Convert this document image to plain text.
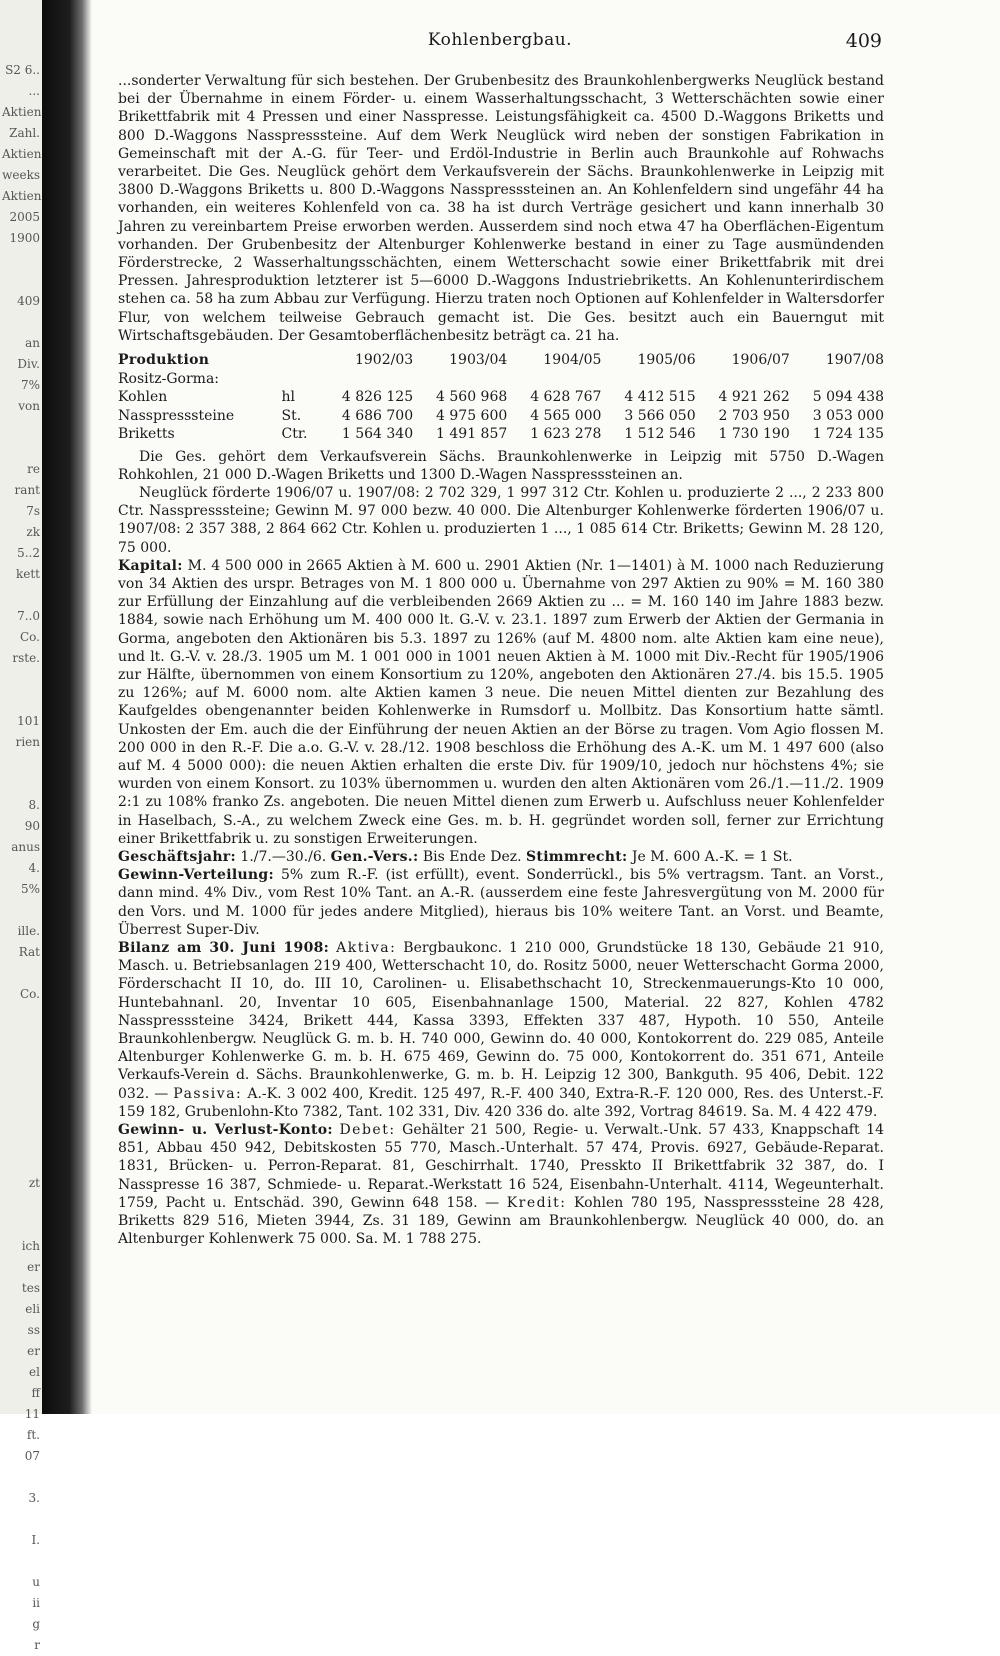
S2 6..
...
Aktien
Zahl.
Aktien
weeks
Aktien
2005
1900
409
an
Div.
7%
von
re
rant
7s
zk
5..2
kett
7..0
Co.
rste.
101
rien
8.
90
anus
4.
5%
ille.
Rat
Co.
zt
ich
er
tes
eli
ss
er
el
ff
11
ft.
07
3.
I.
u
ii
g
r
Kohlenbergbau.	409

...sonderter Verwaltung für sich bestehen. Der Grubenbesitz des Braunkohlenbergwerks Neuglück bestand bei der Übernahme in einem Förder- u. einem Wasserhaltungsschacht, 3 Wetterschächten sowie einer Brikettfabrik mit 4 Pressen und einer Nasspresse. Leistungsfähigkeit ca. 4500 D.-Waggons Briketts und 800 D.-Waggons Nasspresssteine. Auf dem Werk Neuglück wird neben der sonstigen Fabrikation in Gemeinschaft mit der A.-G. für Teer- und Erdöl-Industrie in Berlin auch Braunkohle auf Rohwachs verarbeitet. Die Ges. Neuglück gehört dem Verkaufsverein der Sächs. Braunkohlenwerke in Leipzig mit 3800 D.-Waggons Briketts u. 800 D.-Waggons Nasspresssteinen an. An Kohlenfeldern sind ungefähr 44 ha vorhanden, ein weiteres Kohlenfeld von ca. 38 ha ist durch Verträge gesichert und kann innerhalb 30 Jahren zu vereinbartem Preise erworben werden. Ausserdem sind noch etwa 47 ha Oberflächen-Eigentum vorhanden. Der Grubenbesitz der Altenburger Kohlenwerke bestand in einer zu Tage ausmündenden Förderstrecke, 2 Wasserhaltungsschächten, einem Wetterschacht sowie einer Brikettfabrik mit drei Pressen. Jahresproduktion letzterer ist 5—6000 D.-Waggons Industriebriketts. An Kohlenunterirdischem stehen ca. 58 ha zum Abbau zur Verfügung. Hierzu traten noch Optionen auf Kohlenfelder in Waltersdorfer Flur, von welchem teilweise Gebrauch gemacht ist. Die Ges. besitzt auch ein Bauerngut mit Wirtschaftsgebäuden. Der Gesamtoberflächenbesitz beträgt ca. 21 ha.

Produktion		1902/03	1903/04	1904/05	1905/06	1906/07	1907/08
Rositz-Gorma:							
Kohlen	hl	4 826 125	4 560 968	4 628 767	4 412 515	4 921 262	5 094 438
Nasspresssteine	St.	4 686 700	4 975 600	4 565 000	3 566 050	2 703 950	3 053 000
Briketts	Ctr.	1 564 340	1 491 857	1 623 278	1 512 546	1 730 190	1 724 135

Die Ges. gehört dem Verkaufsverein Sächs. Braunkohlenwerke in Leipzig mit 5750 D.-Wagen Rohkohlen, 21 000 D.-Wagen Briketts und 1300 D.-Wagen Nasspresssteinen an.

Neuglück förderte 1906/07 u. 1907/08: 2 702 329, 1 997 312 Ctr. Kohlen u. produzierte 2 ..., 2 233 800 Ctr. Nasspresssteine; Gewinn M. 97 000 bezw. 40 000. Die Altenburger Kohlenwerke förderten 1906/07 u. 1907/08: 2 357 388, 2 864 662 Ctr. Kohlen u. produzierten 1 ..., 1 085 614 Ctr. Briketts; Gewinn M. 28 120, 75 000.

Kapital: M. 4 500 000 in 2665 Aktien à M. 600 u. 2901 Aktien (Nr. 1—1401) à M. 1000 nach Reduzierung von 34 Aktien des urspr. Betrages von M. 1 800 000 u. Übernahme von 297 Aktien zu 90% = M. 160 380 zur Erfüllung der Einzahlung auf die verbleibenden 2669 Aktien zu ... = M. 160 140 im Jahre 1883 bezw. 1884, sowie nach Erhöhung um M. 400 000 lt. G.-V. v. 23.1. 1897 zum Erwerb der Aktien der Germania in Gorma, angeboten den Aktionären bis 5.3. 1897 zu 126% (auf M. 4800 nom. alte Aktien kam eine neue), und lt. G.-V. v. 28./3. 1905 um M. 1 001 000 in 1001 neuen Aktien à M. 1000 mit Div.-Recht für 1905/1906 zur Hälfte, übernommen von einem Konsortium zu 120%, angeboten den Aktionären 27./4. bis 15.5. 1905 zu 126%; auf M. 6000 nom. alte Aktien kamen 3 neue. Die neuen Mittel dienten zur Bezahlung des Kaufgeldes obengenannter beiden Kohlenwerke in Rumsdorf u. Mollbitz. Das Konsortium hatte sämtl. Unkosten der Em. auch die der Einführung der neuen Aktien an der Börse zu tragen. Vom Agio flossen M. 200 000 in den R.-F. Die a.o. G.-V. v. 28./12. 1908 beschloss die Erhöhung des A.-K. um M. 1 497 600 (also auf M. 4 5000 000): die neuen Aktien erhalten die erste Div. für 1909/10, jedoch nur höchstens 4%; sie wurden von einem Konsort. zu 103% übernommen u. wurden den alten Aktionären vom 26./1.—11./2. 1909 2:1 zu 108% franko Zs. angeboten. Die neuen Mittel dienen zum Erwerb u. Aufschluss neuer Kohlenfelder in Haselbach, S.-A., zu welchem Zweck eine Ges. m. b. H. gegründet worden soll, ferner zur Errichtung einer Brikettfabrik u. zu sonstigen Erweiterungen.

Geschäftsjahr: 1./7.—30./6. Gen.-Vers.: Bis Ende Dez. Stimmrecht: Je M. 600 A.-K. = 1 St.

Gewinn-Verteilung: 5% zum R.-F. (ist erfüllt), event. Sonderrückl., bis 5% vertragsm. Tant. an Vorst., dann mind. 4% Div., vom Rest 10% Tant. an A.-R. (ausserdem eine feste Jahresvergütung von M. 2000 für den Vors. und M. 1000 für jedes andere Mitglied), hieraus bis 10% weitere Tant. an Vorst. und Beamte, Überrest Super-Div.

Bilanz am 30. Juni 1908: Aktiva: Bergbaukonc. 1 210 000, Grundstücke 18 130, Gebäude 21 910, Masch. u. Betriebsanlagen 219 400, Wetterschacht 10, do. Rositz 5000, neuer Wetterschacht Gorma 2000, Förderschacht II 10, do. III 10, Carolinen- u. Elisabethschacht 10, Streckenmauerungs-Kto 10 000, Huntebahnanl. 20, Inventar 10 605, Eisenbahnanlage 1500, Material. 22 827, Kohlen 4782 Nasspresssteine 3424, Brikett 444, Kassa 3393, Effekten 337 487, Hypoth. 10 550, Anteile Braunkohlenbergw. Neuglück G. m. b. H. 740 000, Gewinn do. 40 000, Kontokorrent do. 229 085, Anteile Altenburger Kohlenwerke G. m. b. H. 675 469, Gewinn do. 75 000, Kontokorrent do. 351 671, Anteile Verkaufs-Verein d. Sächs. Braunkohlenwerke, G. m. b. H. Leipzig 12 300, Bankguth. 95 406, Debit. 122 032. — Passiva: A.-K. 3 002 400, Kredit. 125 497, R.-F. 400 340, Extra-R.-F. 120 000, Res. des Unterst.-F. 159 182, Grubenlohn-Kto 7382, Tant. 102 331, Div. 420 336 do. alte 392, Vortrag 84619. Sa. M. 4 422 479.

Gewinn- u. Verlust-Konto: Debet: Gehälter 21 500, Regie- u. Verwalt.-Unk. 57 433, Knappschaft 14 851, Abbau 450 942, Debitskosten 55 770, Masch.-Unterhalt. 57 474, Provis. 6927, Gebäude-Reparat. 1831, Brücken- u. Perron-Reparat. 81, Geschirrhalt. 1740, Presskto II Brikettfabrik 32 387, do. I Nasspresse 16 387, Schmiede- u. Reparat.-Werkstatt 16 524, Eisenbahn-Unterhalt. 4114, Wegeunterhalt. 1759, Pacht u. Entschäd. 390, Gewinn 648 158. — Kredit: Kohlen 780 195, Nasspresssteine 28 428, Briketts 829 516, Mieten 3944, Zs. 31 189, Gewinn am Braunkohlenbergw. Neuglück 40 000, do. an Altenburger Kohlenwerk 75 000. Sa. M. 1 788 275.
